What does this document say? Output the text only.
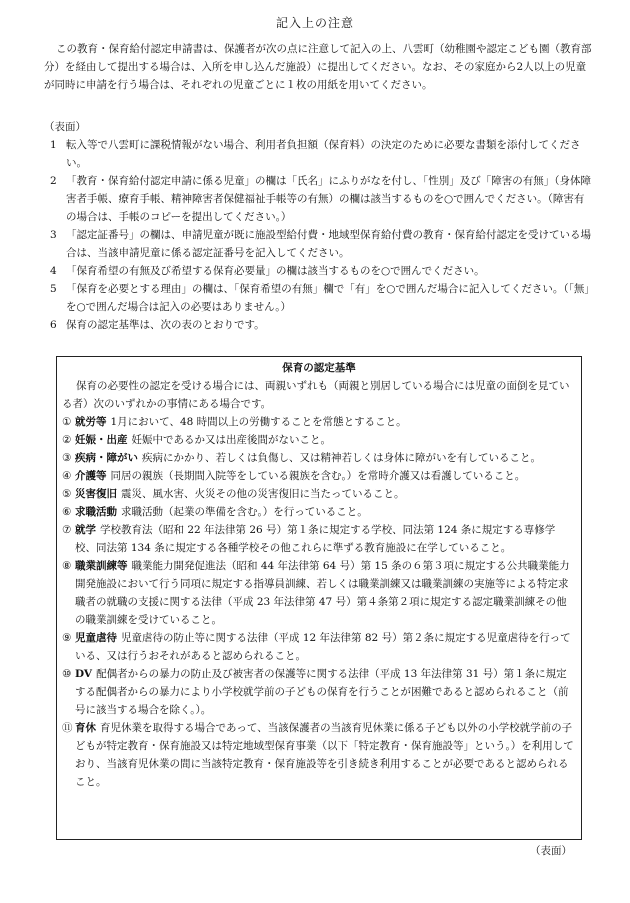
記入上の注意
この教育・保育給付認定申請書は、保護者が次の点に注意して記入の上、八雲町（幼稚園や認定こども園（教育部分）を経由して提出する場合は、入所を申し込んだ施設）に提出してください。なお、その家庭から2人以上の児童が同時に申請を行う場合は、それぞれの児童ごとに１枚の用紙を用いてください。
（表面）
1 転入等で八雲町に課税情報がない場合、利用者負担額（保育料）の決定のために必要な書類を添付してください。
2 「教育・保育給付認定申請に係る児童」の欄は「氏名」にふりがなを付し、「性別」及び「障害の有無」（身体障害者手帳、療育手帳、精神障害者保健福祉手帳等の有無）の欄は該当するものを○で囲んでください。（障害有の場合は、手帳のコピーを提出してください。）
3 「認定証番号」の欄は、申請児童が既に施設型給付費・地域型保育給付費の教育・保育給付認定を受けている場合は、当該申請児童に係る認定証番号を記入してください。
4 「保育希望の有無及び希望する保育必要量」の欄は該当するものを○で囲んでください。
5 「保育を必要とする理由」の欄は、「保育希望の有無」欄で「有」を○で囲んだ場合に記入してください。（「無」を○で囲んだ場合は記入の必要はありません。）
6 保育の認定基準は、次の表のとおりです。
保育の認定基準
保育の必要性の認定を受ける場合には、両親いずれも（両親と別居している場合には児童の面倒を見ている者）次のいずれかの事情にある場合です。
① 就労等 1月において、48 時間以上の労働することを常態とすること。
② 妊娠・出産 妊娠中であるか又は出産後間がないこと。
③ 疾病・障がい 疾病にかかり、若しくは負傷し、又は精神若しくは身体に障がいを有していること。
④ 介護等 同居の親族（長期間入院等をしている親族を含む。）を常時介護又は看護していること。
⑤ 災害復旧 震災、風水害、火災その他の災害復旧に当たっていること。
⑥ 求職活動 求職活動（起業の準備を含む。）を行っていること。
⑦ 就学 学校教育法（昭和 22 年法律第 26 号）第１条に規定する学校、同法第 124 条に規定する専修学校、同法第 134 条に規定する各種学校その他これらに準ずる教育施設に在学していること。
⑧ 職業訓練等 職業能力開発促進法（昭和 44 年法律第 64 号）第 15 条の６第３項に規定する公共職業能力開発施設において行う同項に規定する指導員訓練、若しくは職業訓練又は職業訓練の実施等による特定求職者の就職の支援に関する法律（平成 23 年法律第 47 号）第４条第２項に規定する認定職業訓練その他の職業訓練を受けていること。
⑨ 児童虐待 児童虐待の防止等に関する法律（平成 12 年法律第 82 号）第２条に規定する児童虐待を行っている、又は行うおそれがあると認められること。
⑩ DV 配偶者からの暴力の防止及び被害者の保護等に関する法律（平成 13 年法律第 31 号）第１条に規定する配偶者からの暴力により小学校就学前の子どもの保育を行うことが困難であると認められること（前号に該当する場合を除く。）。
⑪ 育休 育児休業を取得する場合であって、当該保護者の当該育児休業に係る子ども以外の小学校就学前の子どもが特定教育・保育施設又は特定地域型保育事業（以下「特定教育・保育施設等」という。）を利用しており、当該育児休業の間に当該特定教育・保育施設等を引き続き利用することが必要であると認められること。
（表面）
